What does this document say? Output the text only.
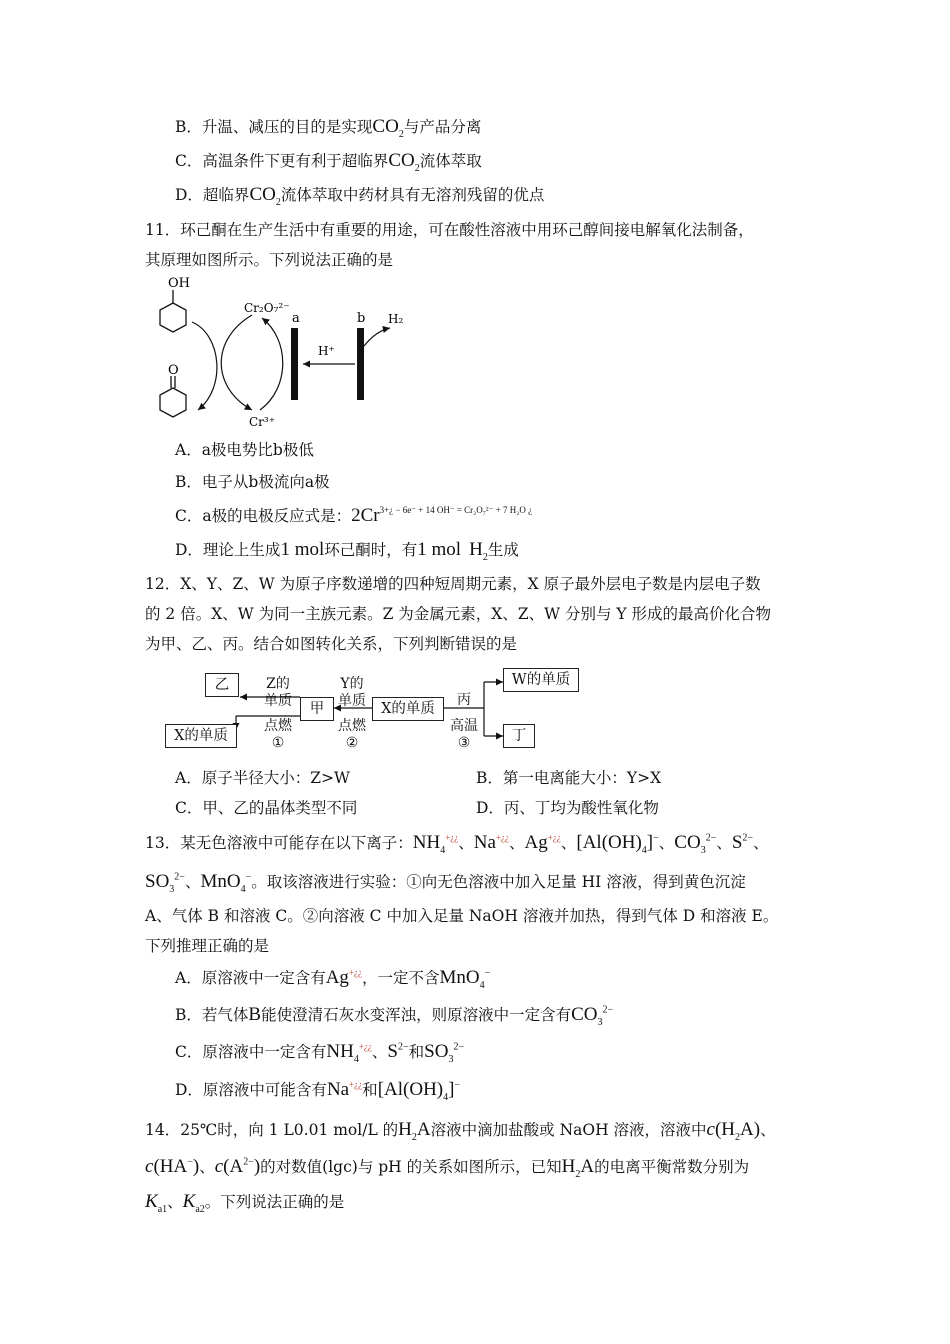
B．升温、减压的目的是实现$CO_2$与产品分离
C．高温条件下更有利于超临界$CO_2$流体萃取
D．超临界$CO_2$流体萃取中药材具有无溶剂残留的优点
11．环己酮在生产生活中有重要的用途，可在酸性溶液中用环己醇间接电解氧化法制备，
其原理如图所示。下列说法正确的是
OH
O
a	b
H⁺
H₂
Cr₂O₇²⁻
Cr³⁺
A．a极电势比b极低
B．电子从b极流向a极
C．a极的电极反应式是：$2Cr^{3+¿ - 6e^- + 14 OH^- = Cr_2O_7^{2-} + 7 H_2O ¿}$
D．理论上生成1 mol环己酮时，有1 mol $H_2$生成
12．X、Y、Z、W 为原子序数递增的四种短周期元素，X 原子最外层电子数是内层电子数
的 2 倍。X、W 为同一主族元素。Z 为金属元素，X、Z、W 分别与 Y 形成的最高价化合物
为甲、乙、丙。结合如图转化关系，下列判断错误的是
乙
X的单质
甲	X的单质
W的单质
丁
Z的
单质
点燃
①
Y的
单质
点燃
②
丙
高温
③
A．原子半径大小：Z>W	B．第一电离能大小：Y>X
C．甲、乙的晶体类型不同	D．丙、丁均为酸性氧化物
13．某无色溶液中可能存在以下离子：$NH_4^{+¿¿}$、Na+¿¿、Ag+¿¿、$[Al(OH)_4]^-$、$CO_3^{2-}$、$S^{2-}$、
$SO_3^{2-}$、MnO$_4$−。取该溶液进行实验：①向无色溶液中加入足量 HI 溶液，得到黄色沉淀
A、气体 B 和溶液 C。②向溶液 C 中加入足量 NaOH 溶液并加热，得到气体 D 和溶液 E。
下列推理正确的是
A．原溶液中一定含有Ag+¿¿，一定不含MnO$_4$−
B．若气体B能使澄清石灰水变浑浊，则原溶液中一定含有$CO_3^{2-}$
C．原溶液中一定含有$NH_4^{+¿¿}$、$S^{2-}$和$SO_3^{2-}$
D．原溶液中可能含有Na+¿¿和$[Al(OH)_4]^-$
14．25℃时，向 1 L0.01 mol/L 的$H_2A$溶液中滴加盐酸或 NaOH 溶液，溶液中$c(H_2A)$、
c(HA−)、$c(A^{2-})$的对数值(lgc)与 pH 的关系如图所示，已知$H_2A$的电离平衡常数分别为
$K_{a1}$、$K_{a2}$。下列说法正确的是
